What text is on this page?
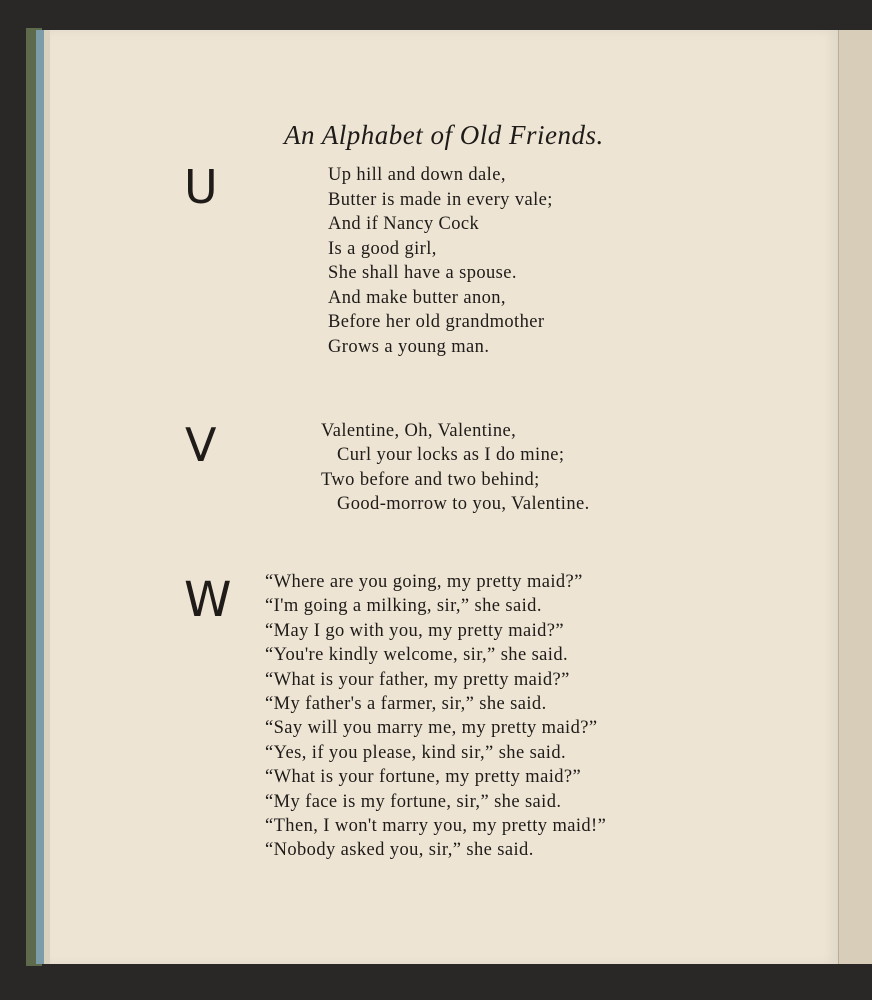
An Alphabet of Old Friends.
U	Up hill and down dale,
Butter is made in every vale;
And if Nancy Cock
Is a good girl,
She shall have a spouse.
And make butter anon,
Before her old grandmother
Grows a young man.
V	Valentine, Oh, Valentine,
Curl your locks as I do mine;
Two before and two behind;
Good-morrow to you, Valentine.
W “Where are you going, my pretty maid?”
“I'm going a milking, sir,” she said.
“May I go with you, my pretty maid?”
“You're kindly welcome, sir,” she said.
“What is your father, my pretty maid?”
“My father's a farmer, sir,” she said.
“Say will you marry me, my pretty maid?”
“Yes, if you please, kind sir,” she said.
“What is your fortune, my pretty maid?”
“My face is my fortune, sir,” she said.
“Then, I won't marry you, my pretty maid!”
“Nobody asked you, sir,” she said.
